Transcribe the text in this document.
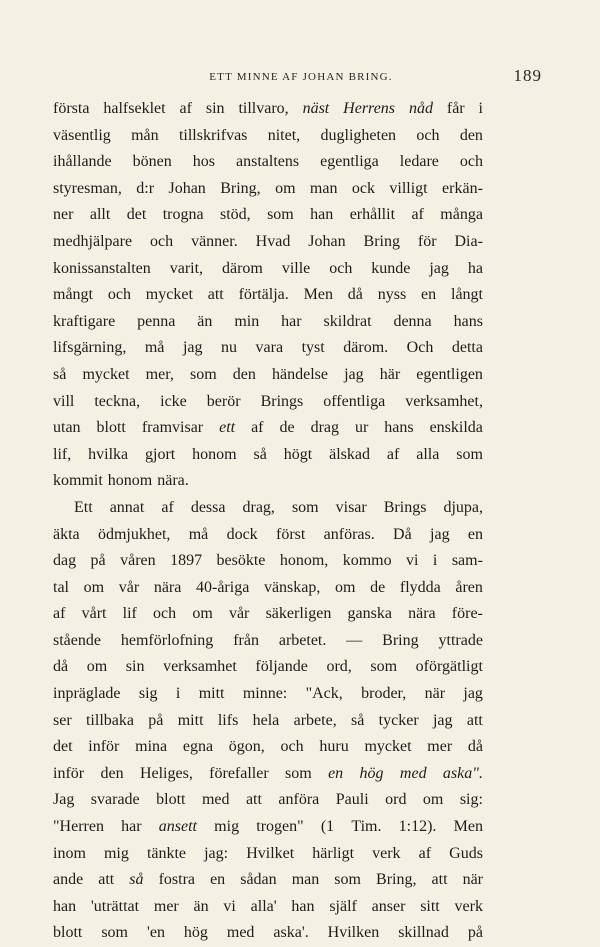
ETT MINNE AF JOHAN BRING.	189
första halfseklet af sin tillvaro, näst Herrens nåd får i
väsentlig mån tillskrifvas nitet, dugligheten och den
ihållande bönen hos anstaltens egentliga ledare och
styresman, d:r Johan Bring, om man ock villigt erkän-
ner allt det trogna stöd, som han erhållit af många
medhjälpare och vänner. Hvad Johan Bring för Dia-
konissanstalten varit, därom ville och kunde jag ha
mångt och mycket att förtälja. Men då nyss en långt
kraftigare penna än min har skildrat denna hans
lifsgärning, må jag nu vara tyst därom. Och detta
så mycket mer, som den händelse jag här egentligen
vill teckna, icke berör Brings offentliga verksamhet,
utan blott framvisar ett af de drag ur hans enskilda
lif, hvilka gjort honom så högt älskad af alla som
kommit honom nära.
Ett annat af dessa drag, som visar Brings djupa,
äkta ödmjukhet, må dock först anföras. Då jag en
dag på våren 1897 besökte honom, kommo vi i sam-
tal om vår nära 40-åriga vänskap, om de flydda åren
af vårt lif och om vår säkerligen ganska nära före-
stående hemförlofning från arbetet. — Bring yttrade
då om sin verksamhet följande ord, som oförgätligt
inpräglade sig i mitt minne: "Ack, broder, när jag
ser tillbaka på mitt lifs hela arbete, så tycker jag att
det inför mina egna ögon, och huru mycket mer då
inför den Heliges, förefaller som en hög med aska".
Jag svarade blott med att anföra Pauli ord om sig:
"Herren har ansett mig trogen" (1 Tim. 1:12). Men
inom mig tänkte jag: Hvilket härligt verk af Guds
ande att så fostra en sådan man som Bring, att när
han 'uträttat mer än vi alla' han själf anser sitt verk
blott som 'en hög med aska'. Hvilken skillnad på
